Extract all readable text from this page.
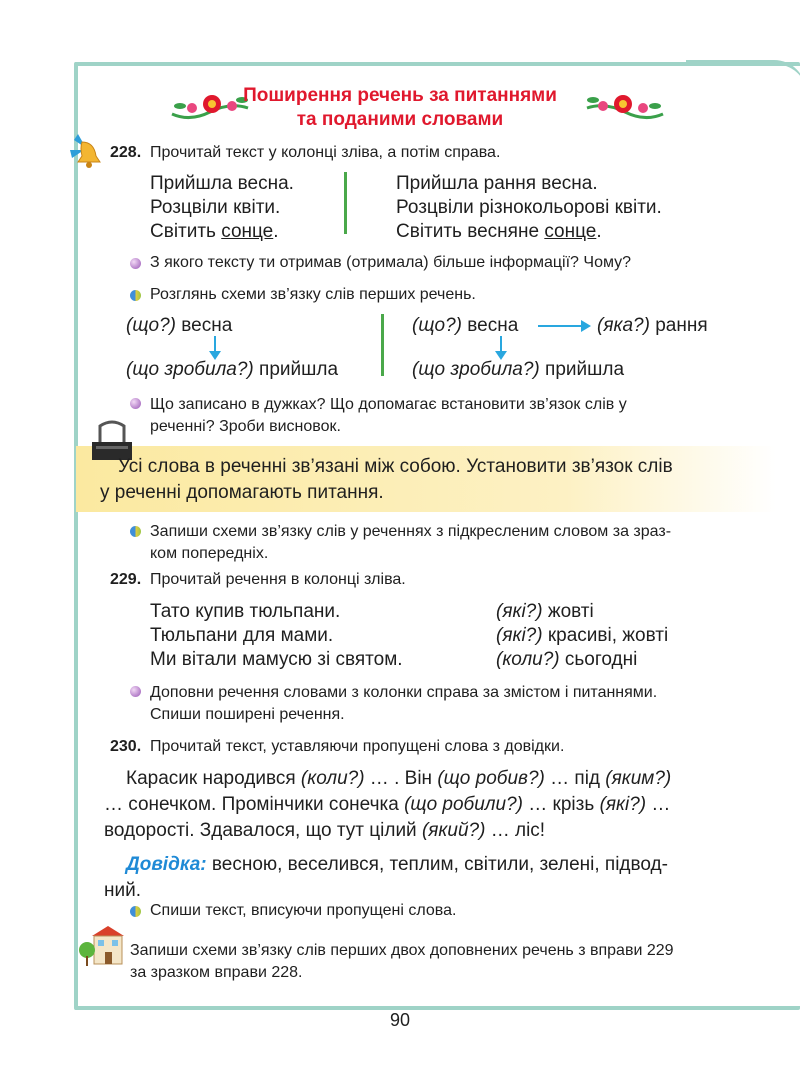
Поширення речень за питаннями
та поданими словами
228. Прочитай текст у колонці зліва, а потім справа.
Прийшла весна.
Розцвіли квіти.
Світить сонце.
Прийшла рання весна.
Розцвіли різнокольорові квіти.
Світить весняне сонце.
З якого тексту ти отримав (отримала) більше інформації? Чому?
Розглянь схеми зв’язку слів перших речень.
(що?) весна
(що зробила?) прийшла
(що?) весна	(яка?) рання
(що зробила?) прийшла
Що записано в дужках? Що допомагає встановити зв’язок слів у
реченні? Зроби висновок.
Усі слова в реченні зв’язані між собою. Установити зв’язок слів
у реченні допомагають питання.
Запиши схеми зв’язку слів у реченнях з підкресленим словом за зраз-
ком попередніх.
229. Прочитай речення в колонці зліва.
Тато купив тюльпани.
Тюльпани для мами.
Ми вітали мамусю зі святом.
(які?) жовті
(які?) красиві, жовті
(коли?) сьогодні
Доповни речення словами з колонки справа за змістом і питаннями.
Спиши поширені речення.
230. Прочитай текст, уставляючи пропущені слова з довідки.
Карасик народився (коли?) … . Він (що робив?) … під (яким?)
… сонечком. Промінчики сонечка (що робили?) … крізь (які?) …
водорості. Здавалося, що тут цілий (який?) … ліс!
Довідка: весною, веселився, теплим, світили, зелені, підвод-
ний.
Спиши текст, вписуючи пропущені слова.
Запиши схеми зв’язку слів перших двох доповнених речень з вправи 229
за зразком вправи 228.
90
